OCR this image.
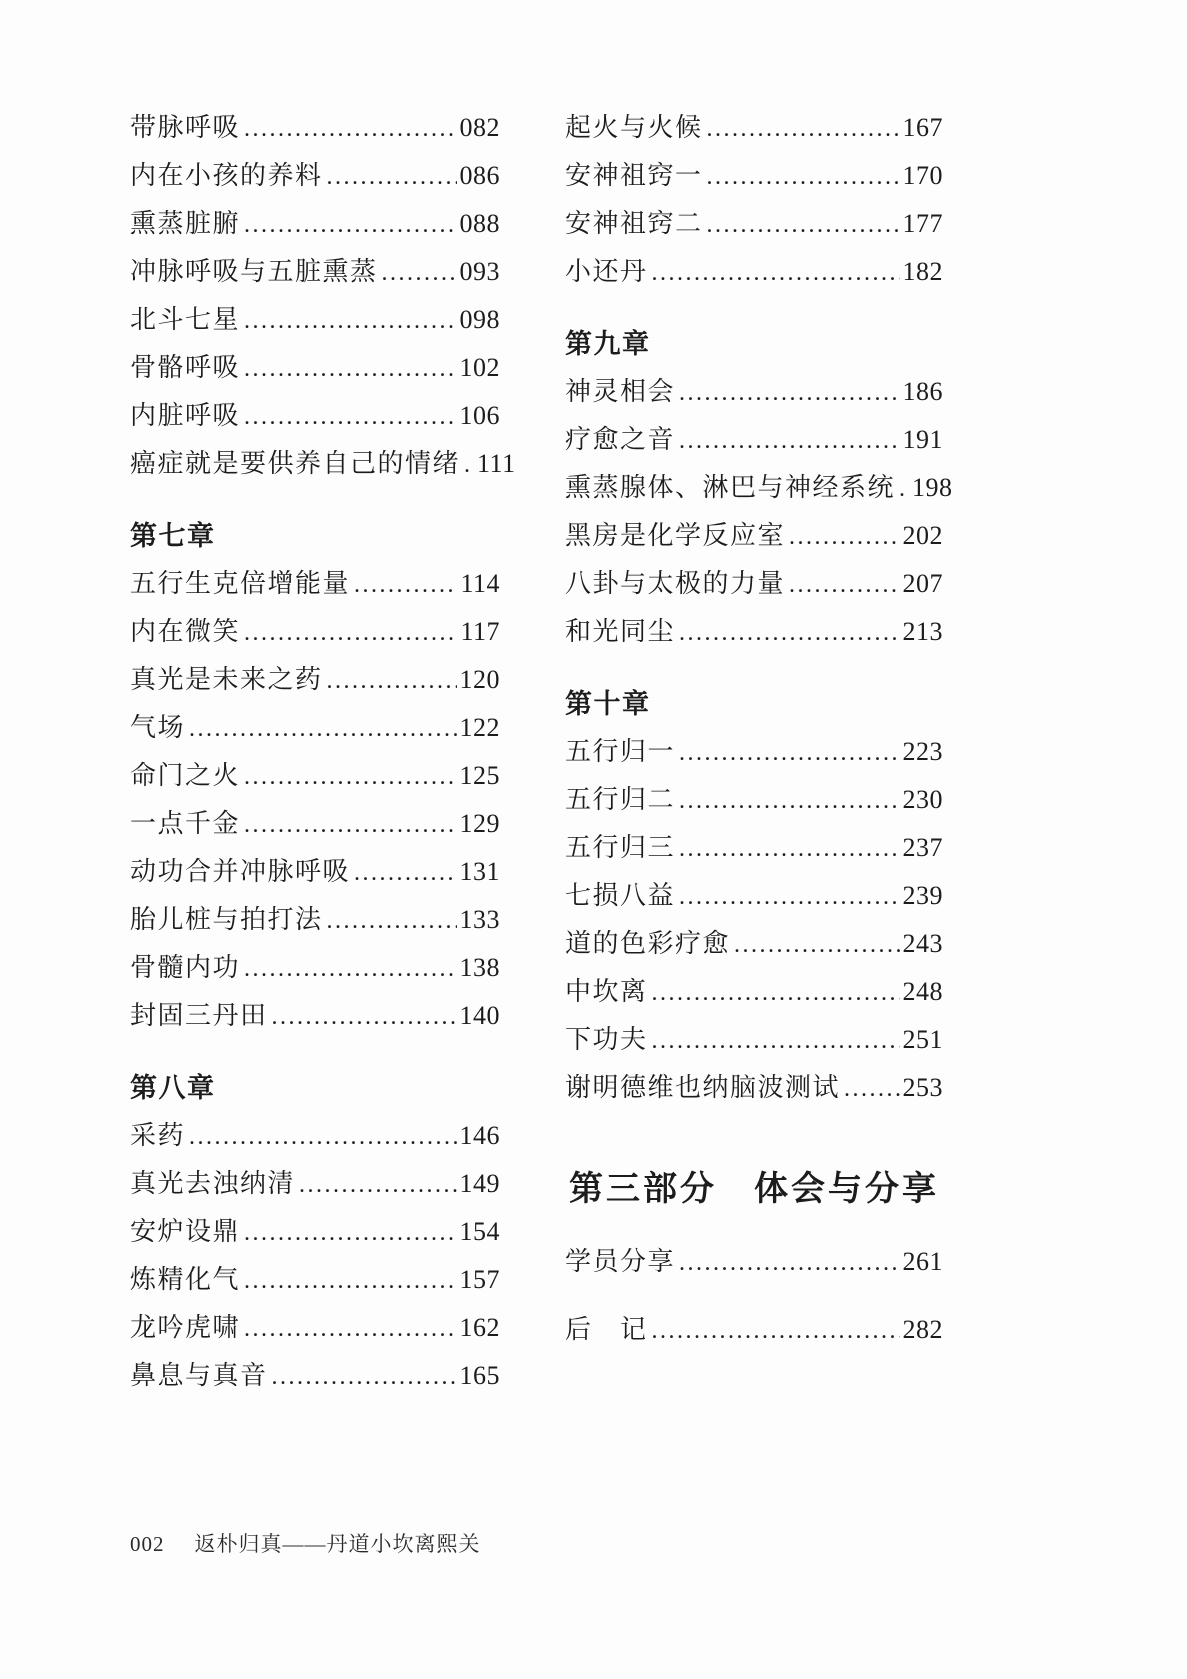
带脉呼吸 .....	082
内在小孩的养料 .....	086
熏蒸脏腑 .....	088
冲脉呼吸与五脏熏蒸 .....	093
北斗七星 .....	098
骨骼呼吸 .....	102
内脏呼吸 .....	106
癌症就是要供养自己的情绪 ..... 111
第七章
五行生克倍增能量 .....	114
内在微笑 .....	117
真光是未来之药 .....	120
气场 .....	122
命门之火 .....	125
一点千金 .....	129
动功合并冲脉呼吸 .....	131
胎儿桩与拍打法 .....	133
骨髓内功 .....	138
封固三丹田 .....	140
第八章
采药 .....	146
真光去浊纳清 .....	149
安炉设鼎 .....	154
炼精化气 .....	157
龙吟虎啸 .....	162
鼻息与真音 .....	165
起火与火候 .....	167
安神祖窍一 .....	170
安神祖窍二 .....	177
小还丹 .....	182
第九章
神灵相会 .....	186
疗愈之音 .....	191
熏蒸腺体、淋巴与神经系统 ..... 198
黑房是化学反应室 .....	202
八卦与太极的力量 .....	207
和光同尘 .....	213
第十章
五行归一 .....	223
五行归二 .....	230
五行归三 .....	237
七损八益 .....	239
道的色彩疗愈 .....	243
中坎离 .....	248
下功夫 .....	251
谢明德维也纳脑波测试 ..... 253
第三部分　体会与分享
学员分享 .....	261
后　记 .....	282
002 返朴归真——丹道小坎离熙关
